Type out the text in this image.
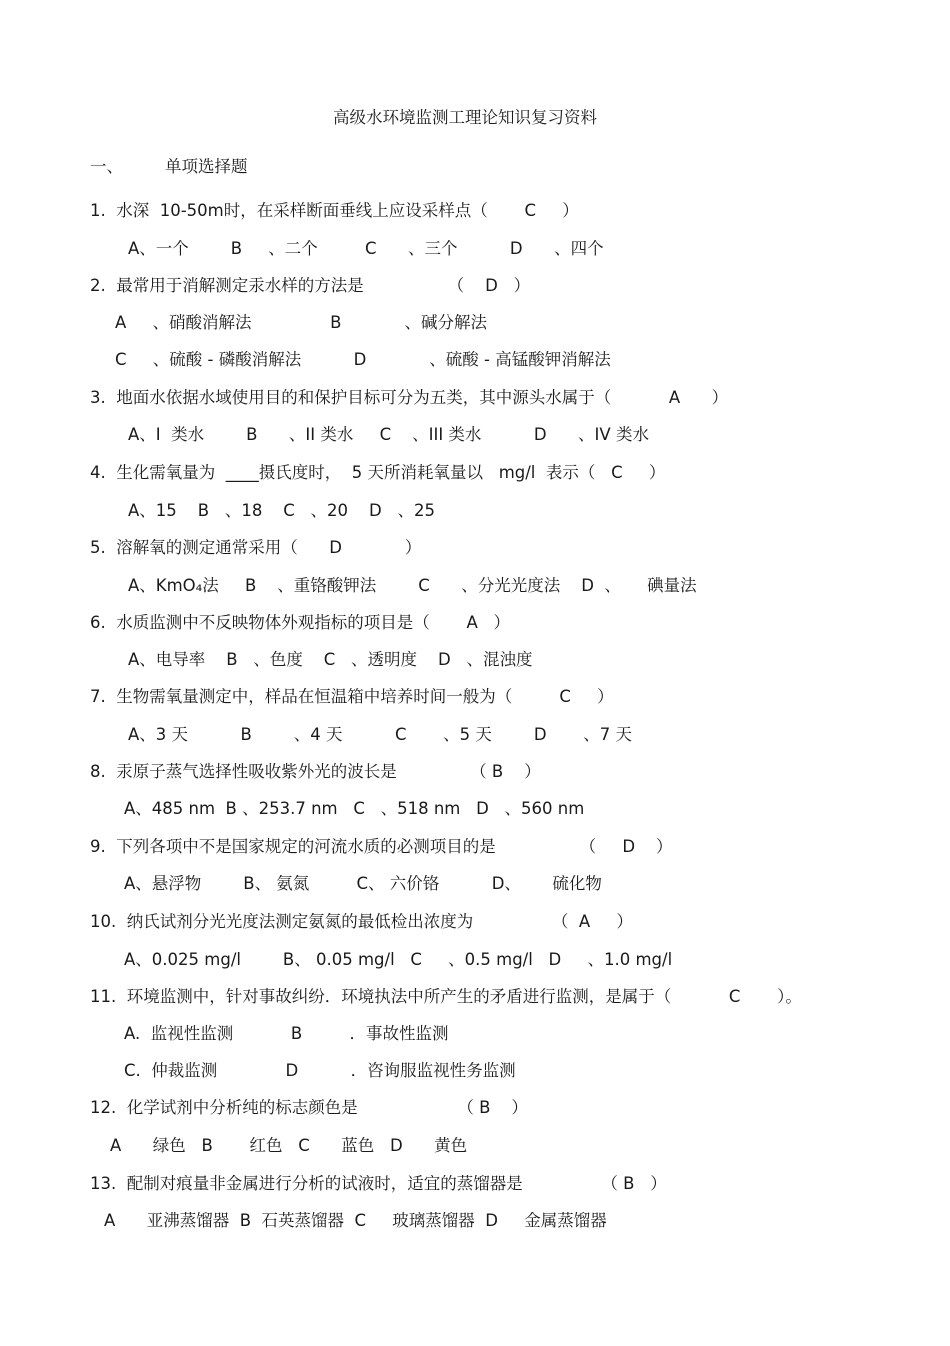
高级水环境监测工理论知识复习资料
一、        单项选择题
1.  水深  10-50m时，在采样断面垂线上应设采样点（       C     ）
A、一个        B     、二个         C      、三个          D      、四个
2.  最常用于消解测定汞水样的方法是                （    D   ）
A     、硝酸消解法               B            、碱分解法
C     、硫酸 - 磷酸消解法          D            、硫酸 - 高锰酸钾消解法
3.  地面水依据水域使用目的和保护目标可分为五类，其中源头水属于（           A      ）
A、I  类水        B      、II 类水     C    、III 类水          D      、IV 类水
4.  生化需氧量为  ____摄氏度时，  5 天所消耗氧量以   mg/l  表示（   C     ）
A、15    B   、18    C   、20    D   、25
5.  溶解氧的测定通常采用（      D            ）
A、KmO₄法     B    、重铬酸钾法        C      、分光光度法    D  、     碘量法
6.  水质监测中不反映物体外观指标的项目是（       A   ）
A、电导率    B   、色度    C   、透明度    D   、混浊度
7.  生物需氧量测定中，样品在恒温箱中培养时间一般为（         C     ）
A、3 天          B        、4 天          C       、5 天        D       、7 天
8.  汞原子蒸气选择性吸收紫外光的波长是              （ B    ）
A、485 nm  B 、253.7 nm   C   、518 nm   D   、560 nm
9.  下列各项中不是国家规定的河流水质的必测项目的是                （     D    ）
A、悬浮物        B、 氨氮         C、 六价铬          D、      硫化物
10.  纳氏试剂分光光度法测定氨氮的最低检出浓度为               （  A     ）
A、0.025 mg/l        B、 0.05 mg/l   C     、0.5 mg/l   D     、1.0 mg/l
11.  环境监测中，针对事故纠纷．环境执法中所产生的矛盾进行监测，是属于（           C       ）。
A.  监视性监测           B         ．事故性监测
C.  仲裁监测             D          ．咨询服监视性务监测
12.  化学试剂中分析纯的标志颜色是                   （ B    ）
A      绿色   B       红色   C      蓝色   D      黄色
13.  配制对痕量非金属进行分析的试液时，适宜的蒸馏器是               （ B   ）
A      亚沸蒸馏器  B  石英蒸馏器  C     玻璃蒸馏器  D     金属蒸馏器
